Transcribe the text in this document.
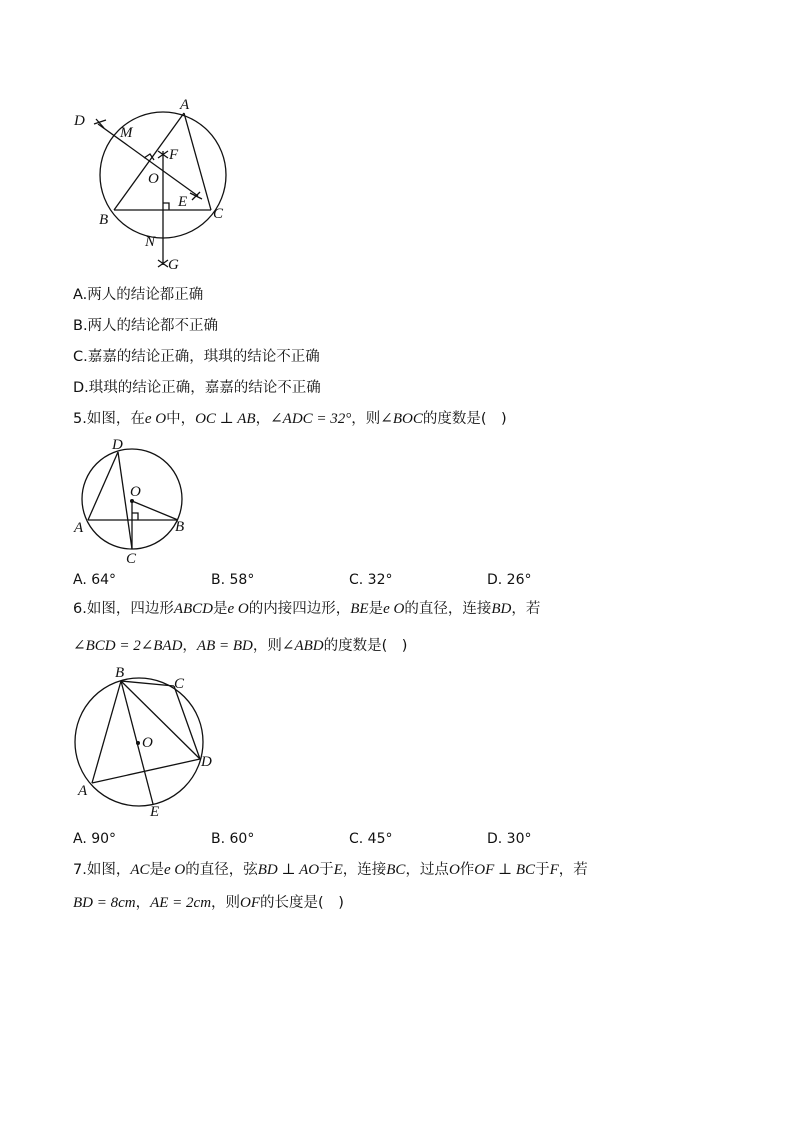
A
B	C
D
E
F
G
M
N
O
A.两人的结论都正确
B.两人的结论都不正确
C.嘉嘉的结论正确，琪琪的结论不正确
D.琪琪的结论正确，嘉嘉的结论不正确
5.如图，在e O中，OC ⊥ AB，∠ADC = 32°，则∠BOC的度数是(　)
A	B
C
D
O
A. 64°	B. 58°	C. 32°	D. 26°
6.如图，四边形ABCD是e O的内接四边形，BE是e O的直径，连接BD，若
∠BCD = 2∠BAD，AB = BD，则∠ABD的度数是(　)
A
B
C
D
E
O
A. 90°	B. 60°	C. 45°	D. 30°
7.如图，AC是e O的直径，弦BD ⊥ AO于E，连接BC，过点O作OF ⊥ BC于F，若
BD = 8cm，AE = 2cm，则OF的长度是(　)
